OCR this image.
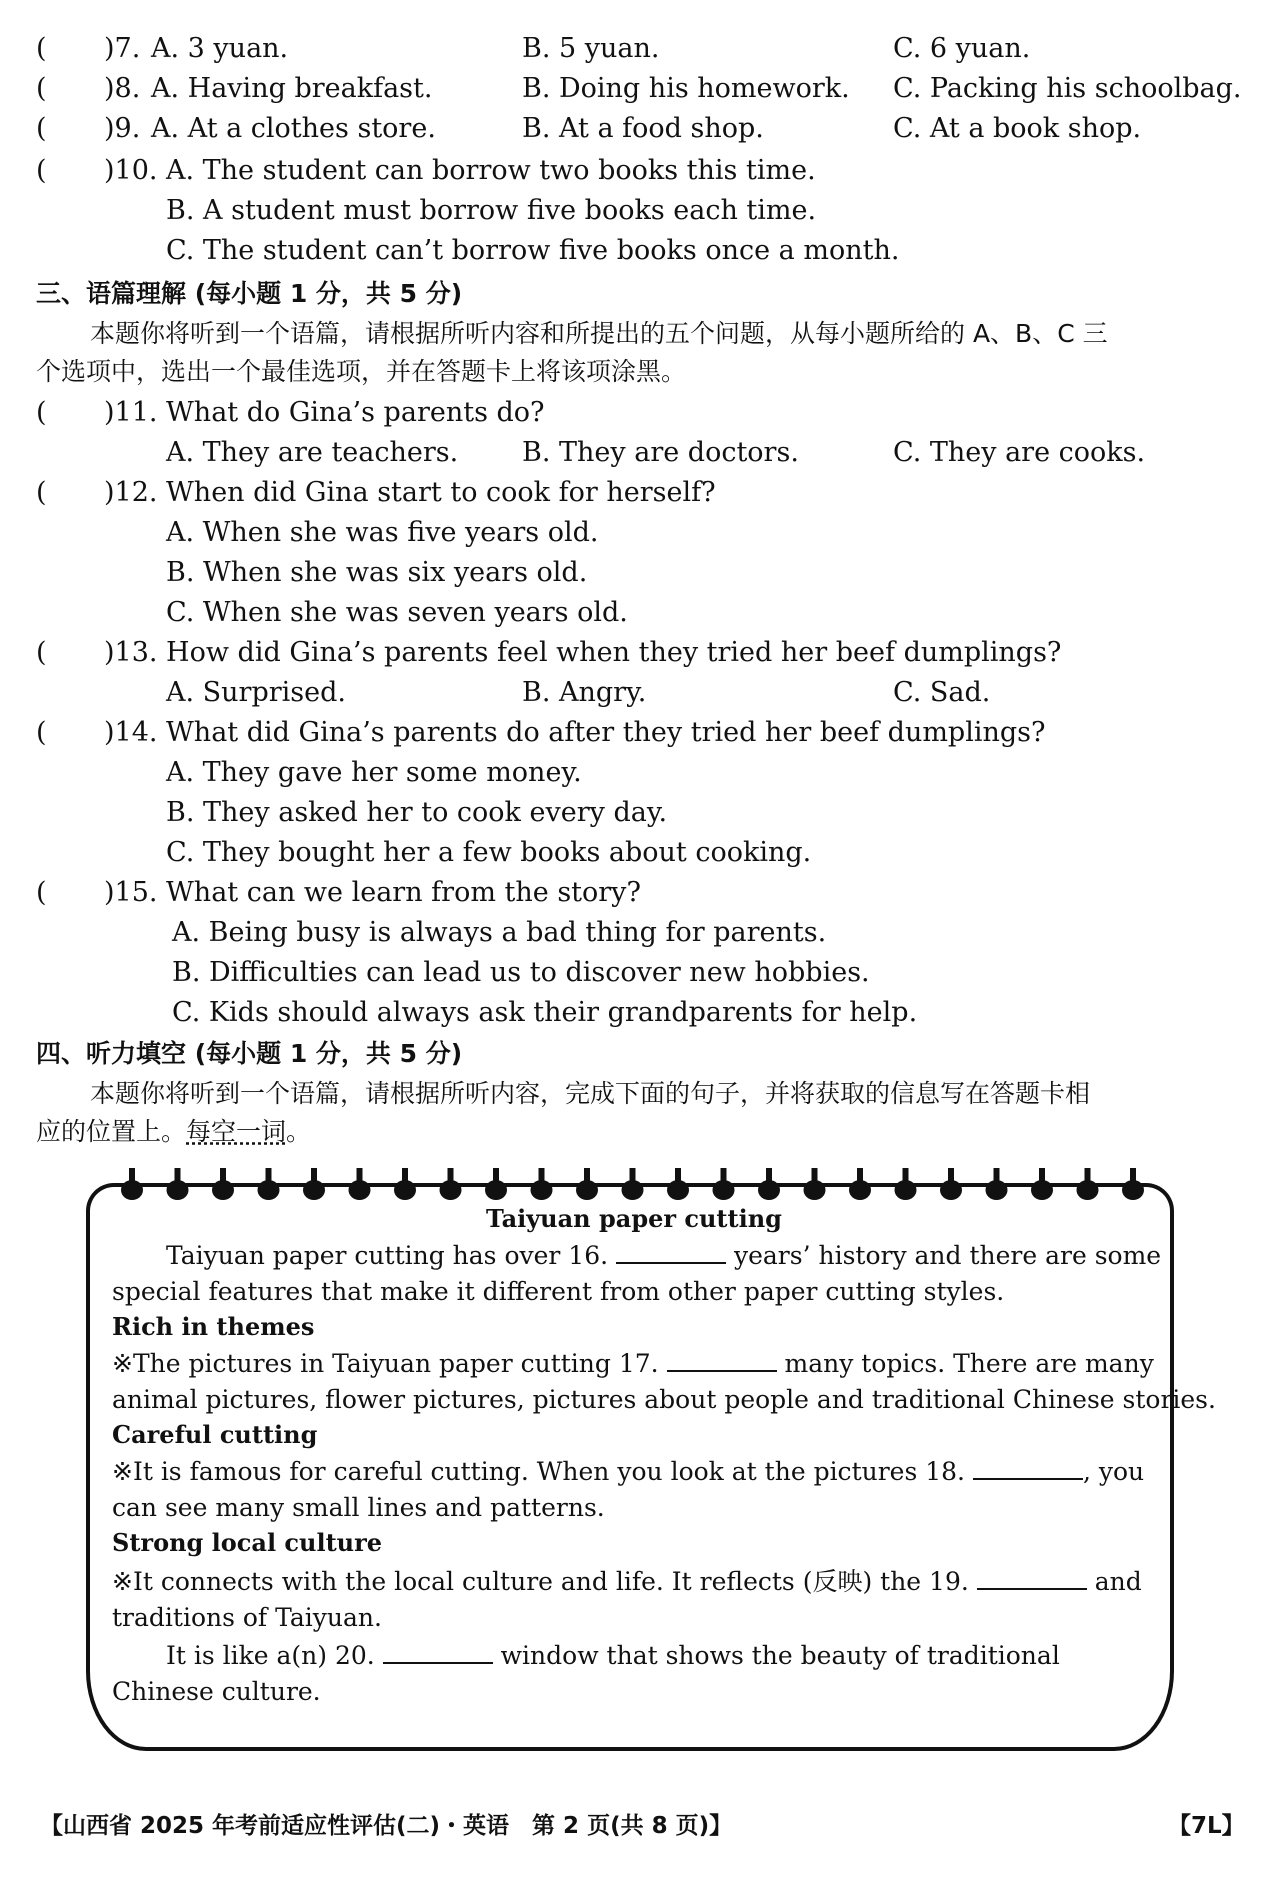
( )7. A. 3 yuan.	B. 5 yuan.	C. 6 yuan.
( )8. A. Having breakfast.	B. Doing his homework. C. Packing his schoolbag.
( )9. A. At a clothes store.	B. At a food shop.	C. At a book shop.
( )10. A. The student can borrow two books this time.
B. A student must borrow five books each time.
C. The student can’t borrow five books once a month.
三、语篇理解 (每小题 1 分，共 5 分)
本题你将听到一个语篇，请根据所听内容和所提出的五个问题，从每小题所给的 A、B、C 三
个选项中，选出一个最佳选项，并在答题卡上将该项涂黑。
( )11. What do Gina’s parents do?
A. They are teachers. B. They are doctors.	C. They are cooks.
( )12. When did Gina start to cook for herself?
A. When she was five years old.
B. When she was six years old.
C. When she was seven years old.
( )13. How did Gina’s parents feel when they tried her beef dumplings?
A. Surprised.	B. Angry.	C. Sad.
( )14. What did Gina’s parents do after they tried her beef dumplings?
A. They gave her some money.
B. They asked her to cook every day.
C. They bought her a few books about cooking.
( )15. What can we learn from the story?
A. Being busy is always a bad thing for parents.
B. Difficulties can lead us to discover new hobbies.
C. Kids should always ask their grandparents for help.
四、听力填空 (每小题 1 分，共 5 分)
本题你将听到一个语篇，请根据所听内容，完成下面的句子，并将获取的信息写在答题卡相
应的位置上。每空一词。
Taiyuan paper cutting
Taiyuan paper cutting has over 16.	years’ history and there are some
special features that make it different from other paper cutting styles.
Rich in themes
※The pictures in Taiyuan paper cutting 17.	many topics. There are many
animal pictures, flower pictures, pictures about people and traditional Chinese stories.
Careful cutting
※It is famous for careful cutting. When you look at the pictures 18.	, you
can see many small lines and patterns.
Strong local culture
※It connects with the local culture and life. It reflects (反映) the 19.	and
traditions of Taiyuan.
It is like a(n) 20.	window that shows the beauty of traditional
Chinese culture.
【山西省 2025 年考前适应性评估(二)・英语　第 2 页(共 8 页)】	【7L】
